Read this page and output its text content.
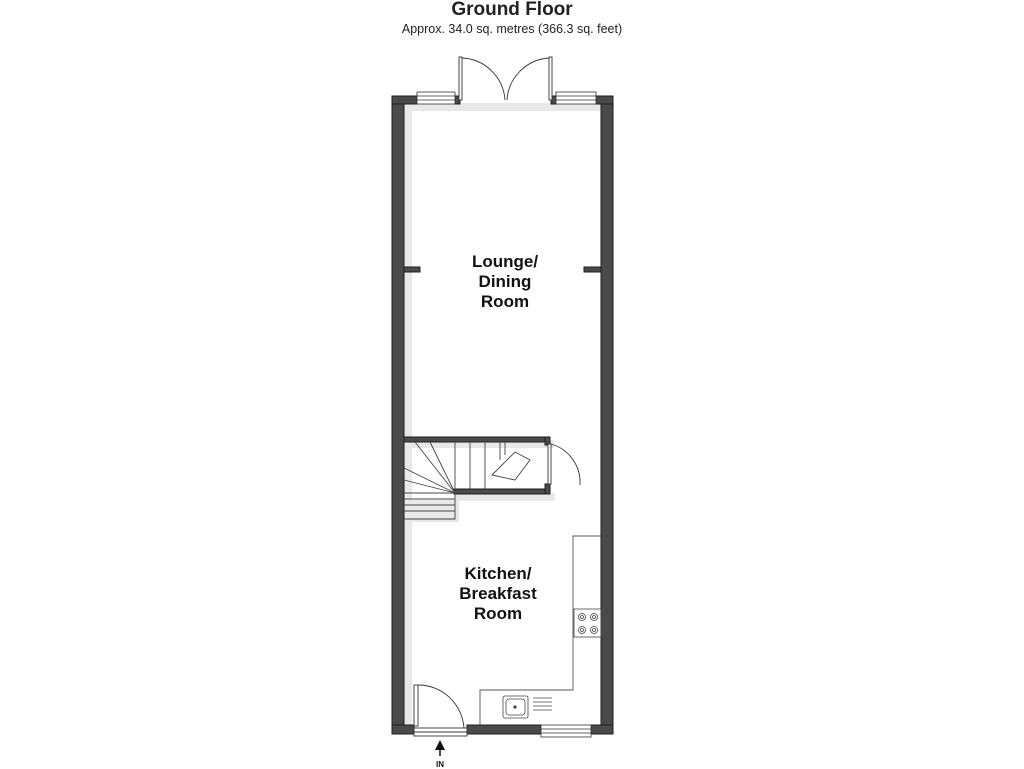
Ground Floor
Approx. 34.0 sq. metres (366.3 sq. feet)
Lounge/
Dining
Room
Kitchen/
Breakfast
Room
IN
